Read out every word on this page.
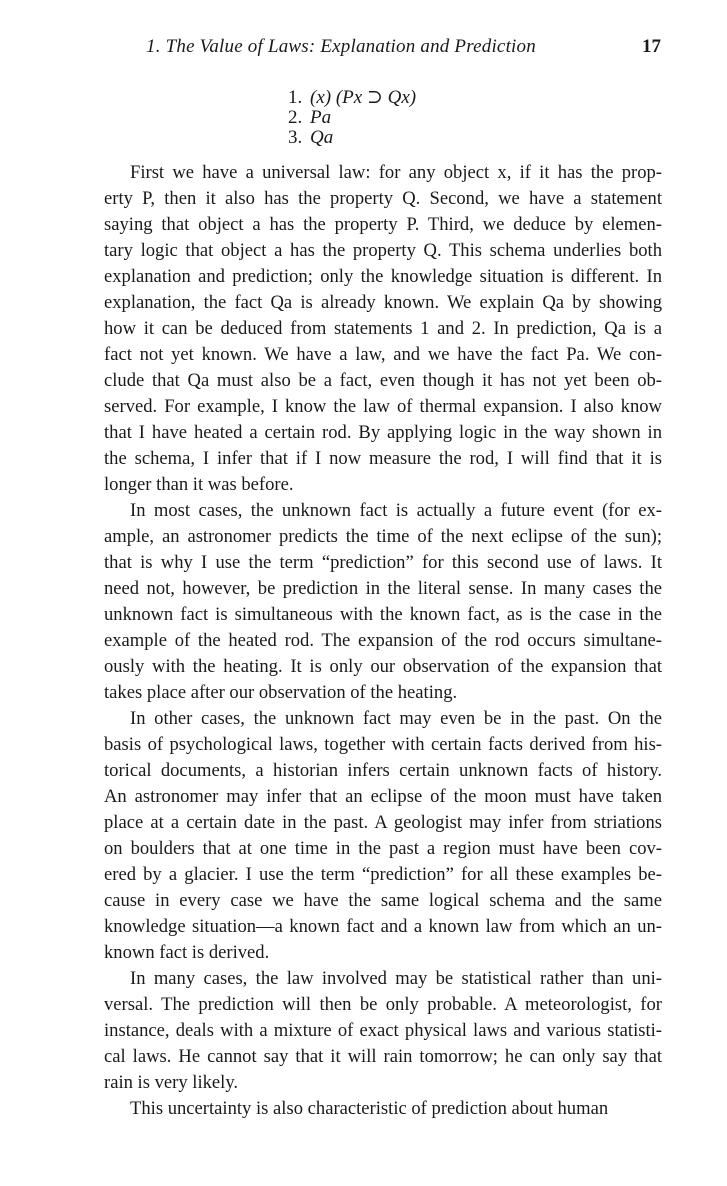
1. The Value of Laws: Explanation and Prediction	17
1. (x) (Px ⊃ Qx)
2. Pa
3. Qa
First we have a universal law: for any object x, if it has the prop-
erty P, then it also has the property Q. Second, we have a statement
saying that object a has the property P. Third, we deduce by elemen-
tary logic that object a has the property Q. This schema underlies both
explanation and prediction; only the knowledge situation is different. In
explanation, the fact Qa is already known. We explain Qa by showing
how it can be deduced from statements 1 and 2. In prediction, Qa is a
fact not yet known. We have a law, and we have the fact Pa. We con-
clude that Qa must also be a fact, even though it has not yet been ob-
served. For example, I know the law of thermal expansion. I also know
that I have heated a certain rod. By applying logic in the way shown in
the schema, I infer that if I now measure the rod, I will find that it is
longer than it was before.
In most cases, the unknown fact is actually a future event (for ex-
ample, an astronomer predicts the time of the next eclipse of the sun);
that is why I use the term “prediction” for this second use of laws. It
need not, however, be prediction in the literal sense. In many cases the
unknown fact is simultaneous with the known fact, as is the case in the
example of the heated rod. The expansion of the rod occurs simultane-
ously with the heating. It is only our observation of the expansion that
takes place after our observation of the heating.
In other cases, the unknown fact may even be in the past. On the
basis of psychological laws, together with certain facts derived from his-
torical documents, a historian infers certain unknown facts of history.
An astronomer may infer that an eclipse of the moon must have taken
place at a certain date in the past. A geologist may infer from striations
on boulders that at one time in the past a region must have been cov-
ered by a glacier. I use the term “prediction” for all these examples be-
cause in every case we have the same logical schema and the same
knowledge situation—a known fact and a known law from which an un-
known fact is derived.
In many cases, the law involved may be statistical rather than uni-
versal. The prediction will then be only probable. A meteorologist, for
instance, deals with a mixture of exact physical laws and various statisti-
cal laws. He cannot say that it will rain tomorrow; he can only say that
rain is very likely.
This uncertainty is also characteristic of prediction about human
